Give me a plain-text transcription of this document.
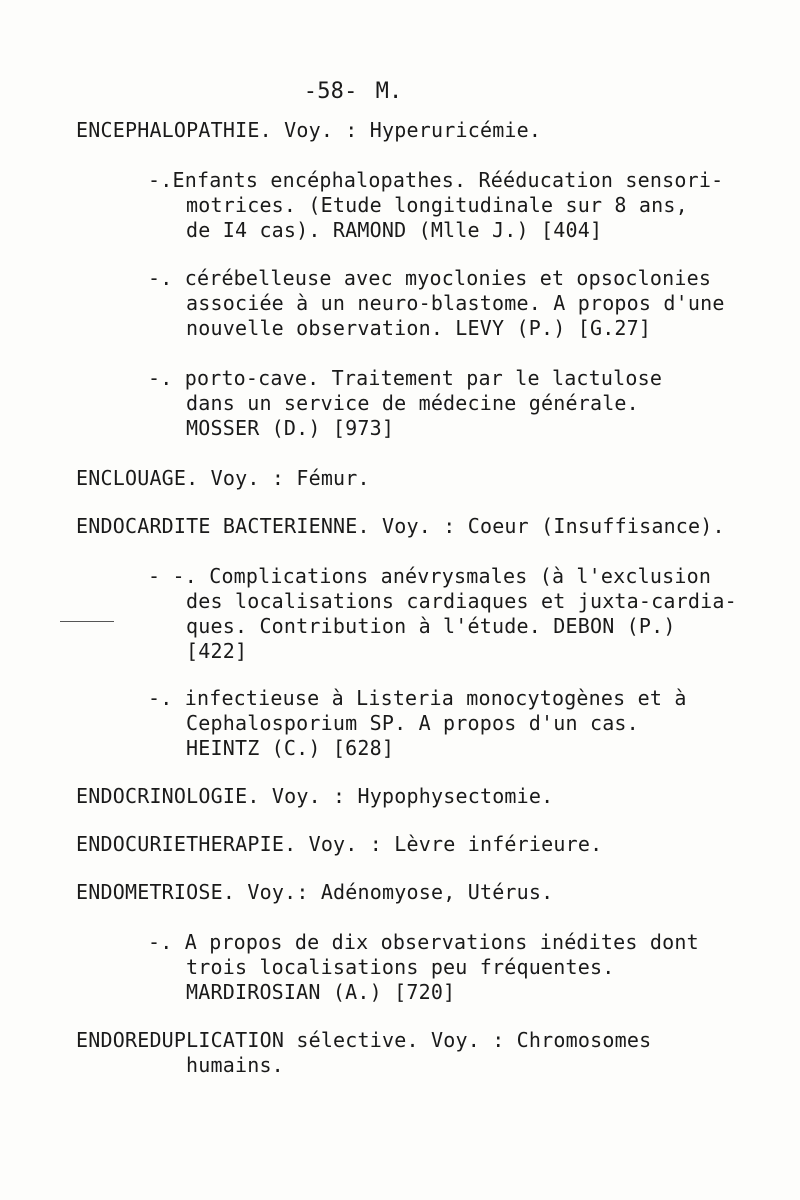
-58- M.

ENCEPHALOPATHIE. Voy. : Hyperuricémie.
-.Enfants encéphalopathes. Rééducation sensori-
motrices. (Etude longitudinale sur 8 ans,
de I4 cas). RAMOND (Mlle J.) [404]
-. cérébelleuse avec myoclonies et opsoclonies
associée à un neuro-blastome. A propos d'une
nouvelle observation. LEVY (P.) [G.27]
-. porto-cave. Traitement par le lactulose
dans un service de médecine générale.
MOSSER (D.) [973]
ENCLOUAGE. Voy. : Fémur.
ENDOCARDITE BACTERIENNE. Voy. : Coeur (Insuffisance).
- -. Complications anévrysmales (à l'exclusion
des localisations cardiaques et juxta-cardia-
ques. Contribution à l'étude. DEBON (P.)
[422]
-. infectieuse à Listeria monocytogènes et à
Cephalosporium SP. A propos d'un cas.
HEINTZ (C.) [628]
ENDOCRINOLOGIE. Voy. : Hypophysectomie.
ENDOCURIETHERAPIE. Voy. : Lèvre inférieure.
ENDOMETRIOSE. Voy.: Adénomyose, Utérus.
-. A propos de dix observations inédites dont
trois localisations peu fréquentes.
MARDIROSIAN (A.) [720]
ENDOREDUPLICATION sélective. Voy. : Chromosomes
humains.
